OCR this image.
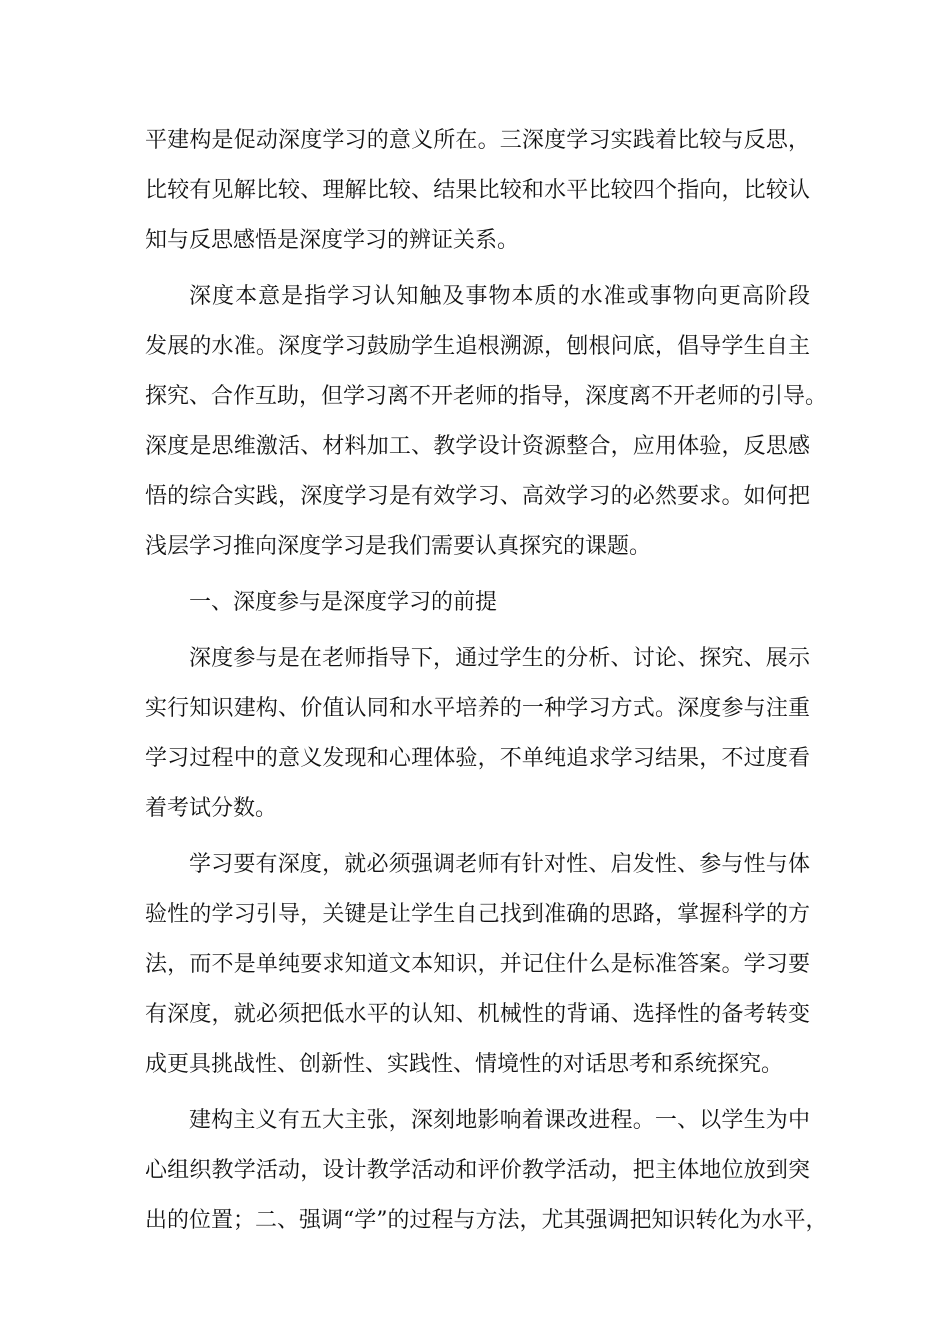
平建构是促动深度学习的意义所在。三深度学习实践着比较与反思，
比较有见解比较、理解比较、结果比较和水平比较四个指向，比较认
知与反思感悟是深度学习的辨证关系。
深度本意是指学习认知触及事物本质的水准或事物向更高阶段
发展的水准。深度学习鼓励学生追根溯源，刨根问底，倡导学生自主
探究、合作互助，但学习离不开老师的指导，深度离不开老师的引导。
深度是思维激活、材料加工、教学设计资源整合，应用体验，反思感
悟的综合实践，深度学习是有效学习、高效学习的必然要求。如何把
浅层学习推向深度学习是我们需要认真探究的课题。
一、深度参与是深度学习的前提
深度参与是在老师指导下，通过学生的分析、讨论、探究、展示
实行知识建构、价值认同和水平培养的一种学习方式。深度参与注重
学习过程中的意义发现和心理体验，不单纯追求学习结果，不过度看
着考试分数。
学习要有深度，就必须强调老师有针对性、启发性、参与性与体
验性的学习引导，关键是让学生自己找到准确的思路，掌握科学的方
法，而不是单纯要求知道文本知识，并记住什么是标准答案。学习要
有深度，就必须把低水平的认知、机械性的背诵、选择性的备考转变
成更具挑战性、创新性、实践性、情境性的对话思考和系统探究。
建构主义有五大主张，深刻地影响着课改进程。一、以学生为中
心组织教学活动，设计教学活动和评价教学活动，把主体地位放到突
出的位置；二、强调“学”的过程与方法，尤其强调把知识转化为水平，
